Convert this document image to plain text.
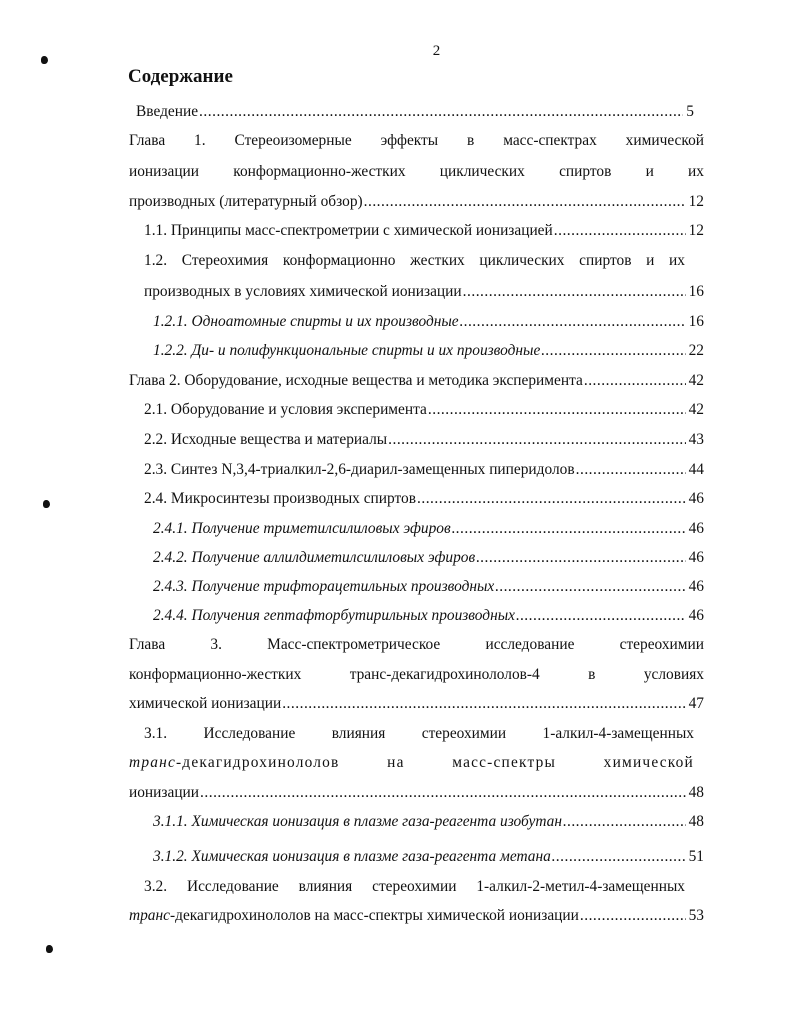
2
Содержание
Введение .....	5
Глава 1. Стереоизомерные эффекты в масс-спектрах химической
ионизации конформационно-жестких циклических спиртов и их
производных (литературный обзор) .....	12
1.1. Принципы масс-спектрометрии с химической ионизацией .....	12
1.2. Стереохимия конформационно жестких циклических спиртов и их
производных в условиях химической ионизации .....	16
1.2.1. Одноатомные спирты и их производные .....	16
1.2.2. Ди- и полифункциональные спирты и их производные .....	22
Глава 2. Оборудование, исходные вещества и методика эксперимента .....	42
2.1. Оборудование и условия эксперимента .....	42
2.2. Исходные вещества и материалы .....	43
2.3. Синтез N,3,4-триалкил-2,6-диарил-замещенных пиперидолов .....	44
2.4. Микросинтезы производных спиртов .....	46
2.4.1. Получение триметилсилиловых эфиров .....	46
2.4.2. Получение аллилдиметилсилиловых эфиров .....	46
2.4.3. Получение трифторацетильных производных .....	46
2.4.4. Получения гептафторбутирильных производных .....	46
Глава 3. Масс-спектрометрическое исследование стереохимии
конформационно-жестких транс-декагидрохинололов-4 в условиях
химической ионизации .....	47
3.1. Исследование влияния стереохимии 1-алкил-4-замещенных
транс -декагидрохинололов на масс-спектры химической
ионизации .....	48
3.1.1. Химическая ионизация в плазме газа-реагента изобутан .....	48
3.1.2. Химическая ионизация в плазме газа-реагента метана .....	51
3.2. Исследование влияния стереохимии 1-алкил-2-метил-4-замещенных
транс-декагидрохинололов на масс-спектры химической ионизации .....	53
